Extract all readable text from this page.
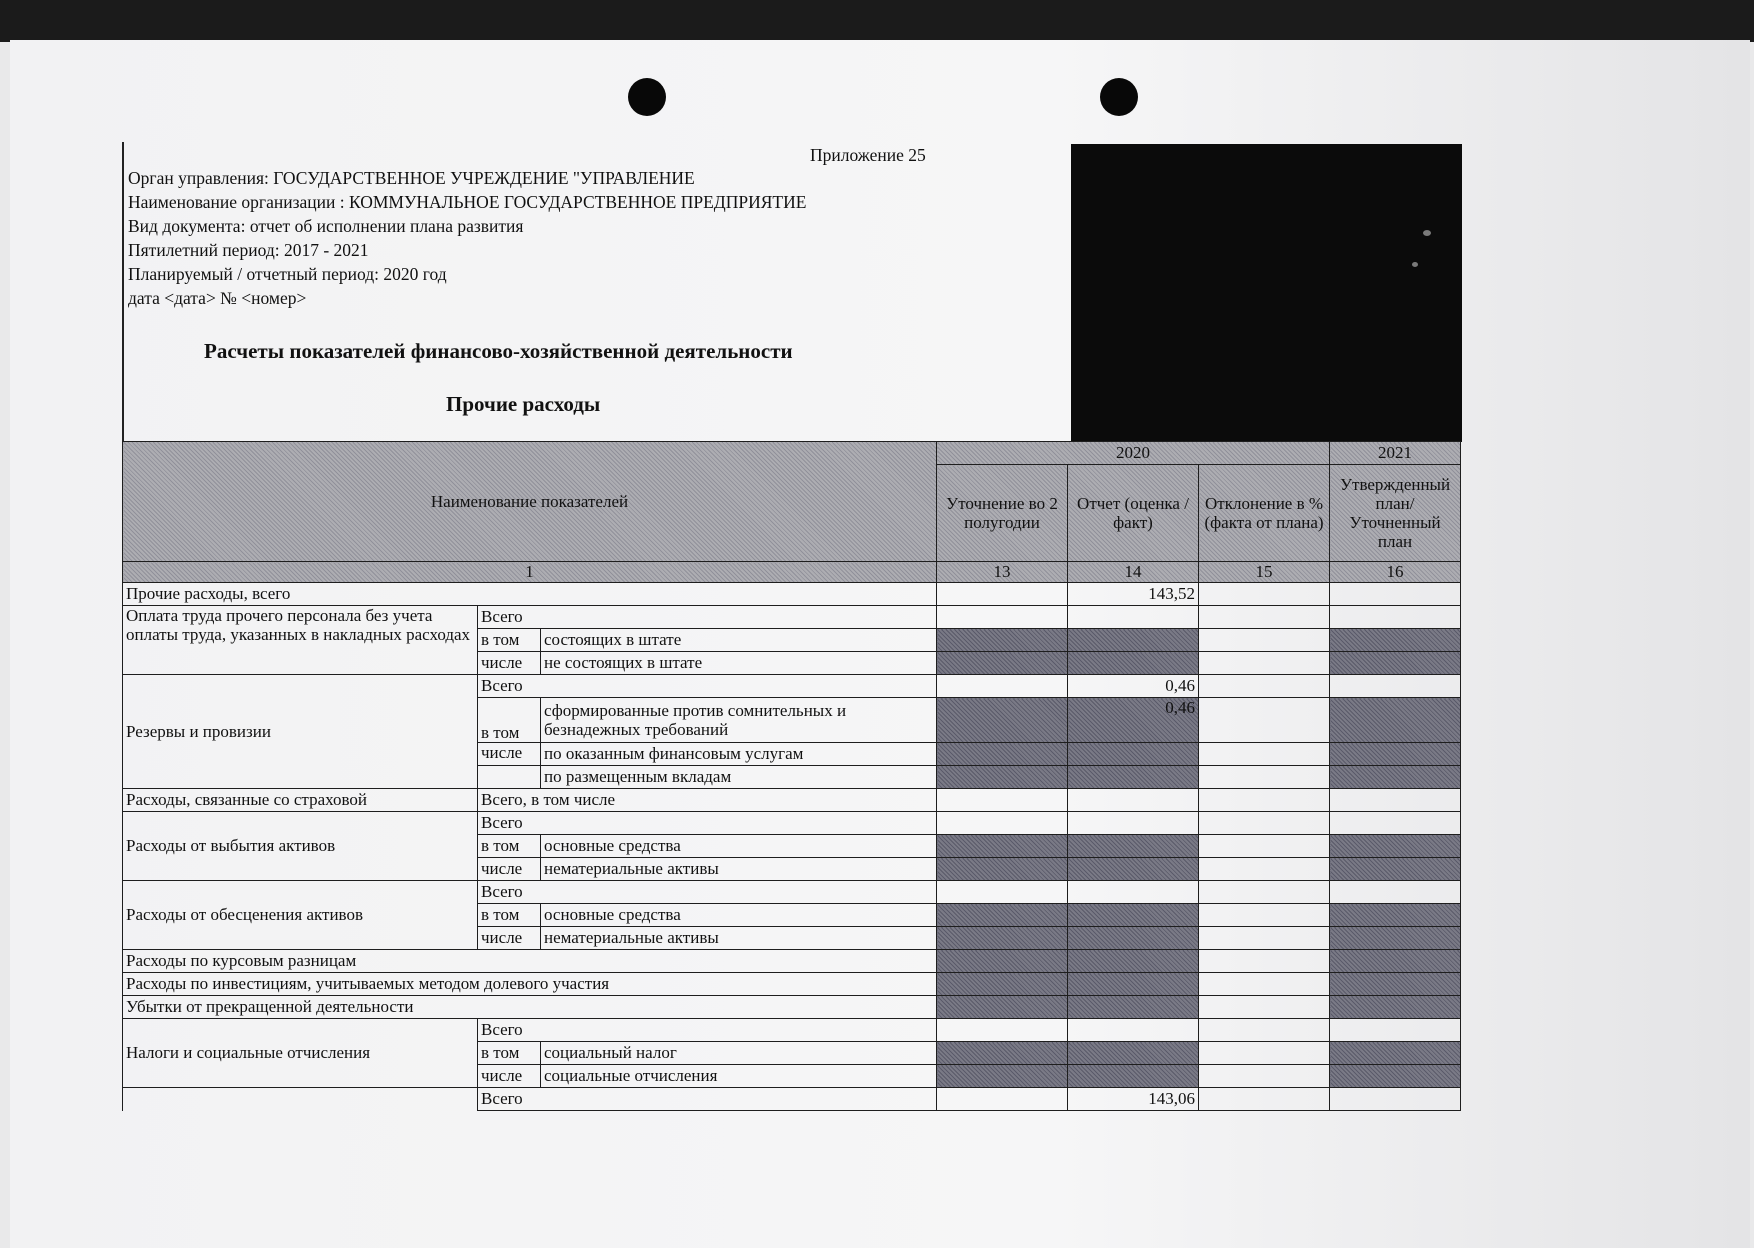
Приложение 25
Орган управления: ГОСУДАРСТВЕННОЕ УЧРЕЖДЕНИЕ "УПРАВЛЕНИЕ
Наименование организации : КОММУНАЛЬНОЕ ГОСУДАРСТВЕННОЕ ПРЕДПРИЯТИЕ
Вид документа: отчет об исполнении плана развития
Пятилетний период: 2017 - 2021
Планируемый / отчетный период: 2020 год
дата <дата> № <номер>
Расчеты показателей финансово-хозяйственной деятельности
Прочие расходы
Наименование показателей			2020			2021
			Уточнение во 2 полугодии	Отчет (оценка / факт)	Отклонение в % (факта от плана)	Утвержденный план/Уточненный план
1			13	14	15	16
Прочие расходы, всего				143,52		
Оплата труда прочего персонала без учета оплаты труда, указанных в накладных расходах	Всего					
	в том	состоящих в штате				
	числе	не состоящих в штате				
Резервы и провизии	Всего			0,46		
	в том	сформированные против сомнительных и безнадежных требований		0,46		
	числе	по оказанным финансовым услугам				
		по размещенным вкладам				
Расходы, связанные со страховой	Всего, в том числе					
Расходы от выбытия активов	Всего					
	в том	основные средства				
	числе	нематериальные активы				
Расходы от обесценения активов	Всего					
	в том	основные средства				
	числе	нематериальные активы				
Расходы по курсовым разницам						
Расходы по инвестициям, учитываемых методом долевого участия						
Убытки от прекращенной деятельности						
Налоги и социальные отчисления	Всего					
	в том	социальный налог				
	числе	социальные отчисления				
	Всего			143,06		
